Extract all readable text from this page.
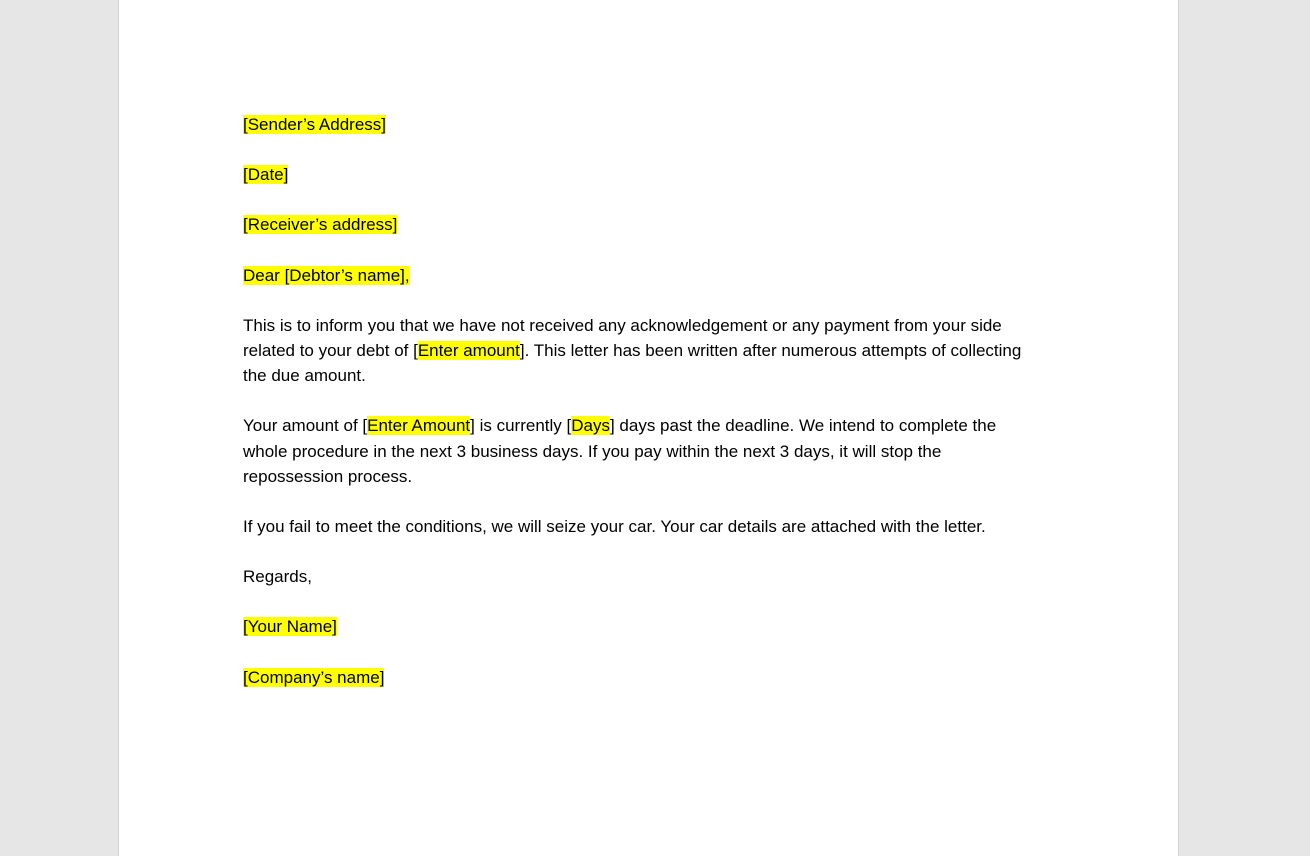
[Sender’s Address]

[Date]

[Receiver’s address]

Dear [Debtor’s name],

This is to inform you that we have not received any acknowledgement or any payment from your side related to your debt of [Enter amount]. This letter has been written after numerous attempts of collecting the due amount.

Your amount of [Enter Amount] is currently [Days] days past the deadline. We intend to complete the whole procedure in the next 3 business days. If you pay within the next 3 days, it will stop the repossession process.

If you fail to meet the conditions, we will seize your car. Your car details are attached with the letter.

Regards,

[Your Name]

[Company’s name]
